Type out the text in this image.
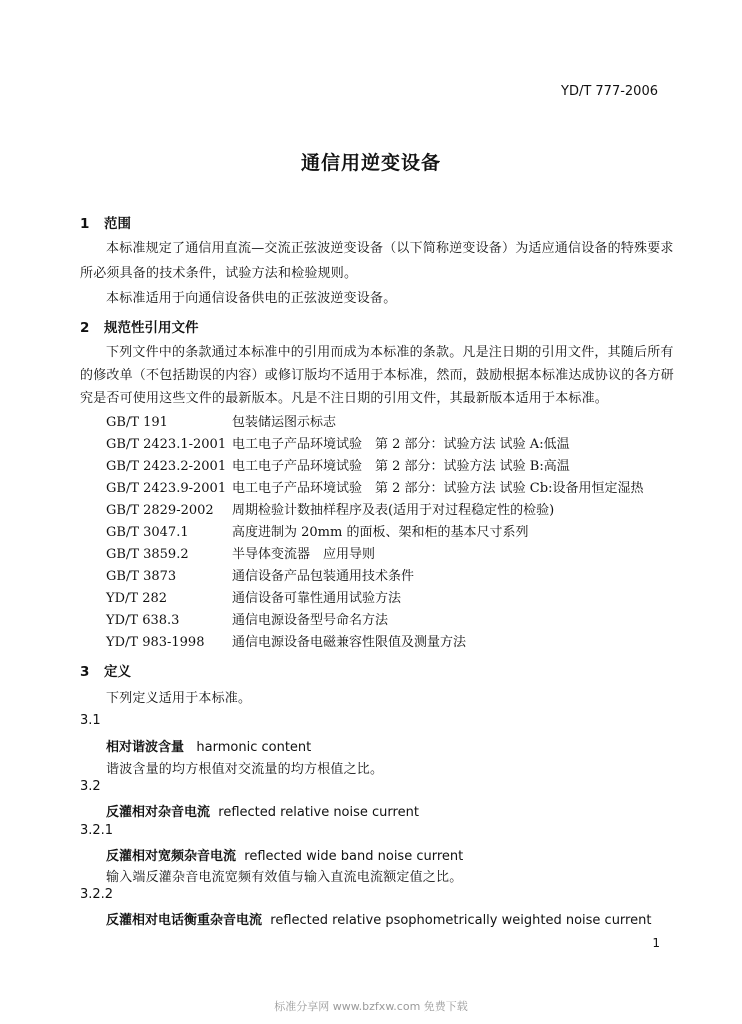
YD/T 777-2006
通信用逆变设备
1 范围
本标准规定了通信用直流—交流正弦波逆变设备（以下简称逆变设备）为适应通信设备的特殊要求
所必须具备的技术条件，试验方法和检验规则。
本标准适用于向通信设备供电的正弦波逆变设备。
2 规范性引用文件
下列文件中的条款通过本标准中的引用而成为本标准的条款。凡是注日期的引用文件，其随后所有
的修改单（不包括勘误的内容）或修订版均不适用于本标准，然而，鼓励根据本标准达成协议的各方研
究是否可使用这些文件的最新版本。凡是不注日期的引用文件，其最新版本适用于本标准。
GB/T 191	包装储运图示标志
GB/T 2423.1-2001 电工电子产品环境试验　第 2 部分：试验方法 试验 A:低温
GB/T 2423.2-2001 电工电子产品环境试验　第 2 部分：试验方法 试验 B:高温
GB/T 2423.9-2001 电工电子产品环境试验　第 2 部分：试验方法 试验 Cb:设备用恒定湿热
GB/T 2829-2002 周期检验计数抽样程序及表(适用于对过程稳定性的检验)
GB/T 3047.1	高度进制为 20mm 的面板、架和柜的基本尺寸系列
GB/T 3859.2	半导体变流器　应用导则
GB/T 3873	通信设备产品包装通用技术条件
YD/T 282	通信设备可靠性通用试验方法
YD/T 638.3	通信电源设备型号命名方法
YD/T 983-1998 通信电源设备电磁兼容性限值及测量方法
3 定义
下列定义适用于本标准。
3.1
相对谐波含量 harmonic content
谐波含量的均方根值对交流量的均方根值之比。
3.2
反灌相对杂音电流 reflected relative noise current
3.2.1
反灌相对宽频杂音电流 reflected wide band noise current
输入端反灌杂音电流宽频有效值与输入直流电流额定值之比。
3.2.2
反灌相对电话衡重杂音电流 reflected relative psophometrically weighted noise current
1
标准分享网 www.bzfxw.com 免费下载
